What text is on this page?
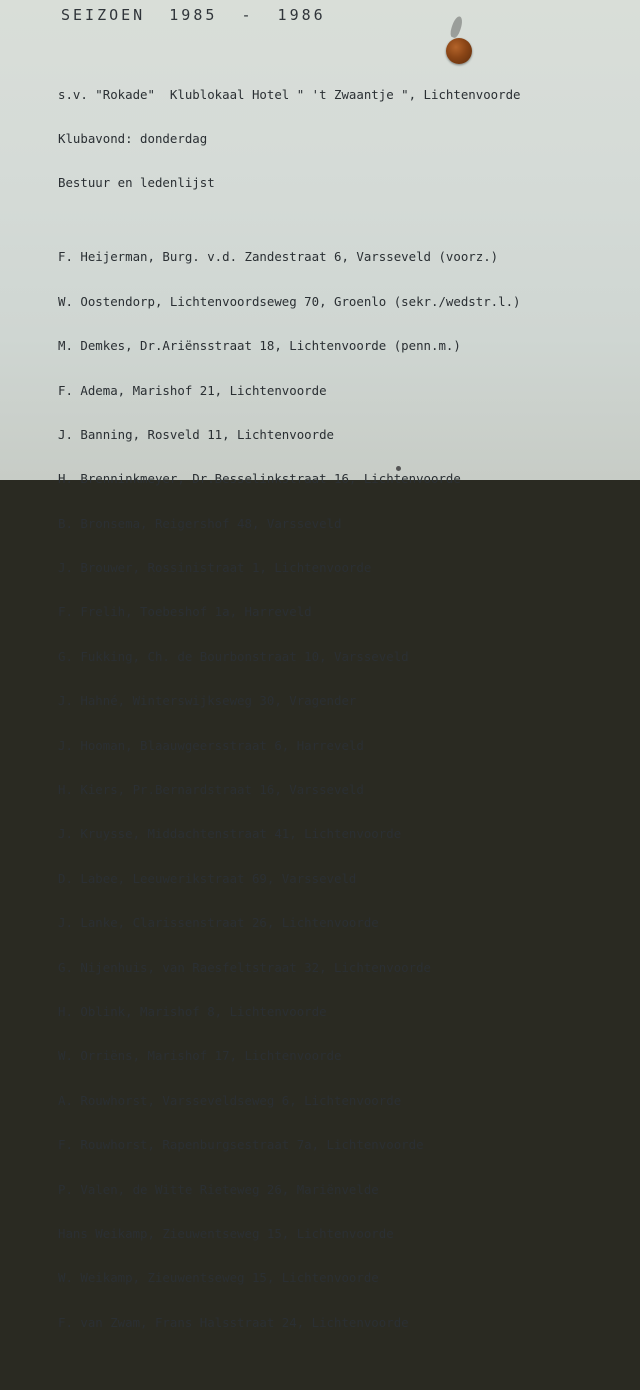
SEIZOEN  1985  -  1986

s.v. "Rokade"  Klublokaal Hotel " 't Zwaantje ", Lichtenvoorde

Klubavond: donderdag

Bestuur en ledenlijst

F. Heijerman, Burg. v.d. Zandestraat 6, Varsseveld (voorz.)

W. Oostendorp, Lichtenvoordseweg 70, Groenlo (sekr./wedstr.l.)

M. Demkes, Dr.Ariënsstraat 18, Lichtenvoorde (penn.m.)

F. Adema, Marishof 21, Lichtenvoorde

J. Banning, Rosveld 11, Lichtenvoorde

H. Brenninkmeyer, Dr.Besselinkstraat 16, Lichtenvoorde

B. Bronsema, Reigershof 48, Varsseveld

J. Brouwer, Rossinistraat 1, Lichtenvoorde

F. Frelih, Toebeshof 1a, Harreveld

G. Fukking, Ch. de Bourbonstraat 10, Varsseveld

J. Hahné, Winterswijkseweg 30, Vragender

J. Hooman, Blaauwgeersstraat 6, Harreveld

H. Kiers, Pr.Bernardstraat 16, Varsseveld

J. Kruysse, Middachtenstraat 41, Lichtenvoorde

D. Labee, Leeuwerikstraat 69, Varsseveld

J. Lanke, Clarissenstraat 26, Lichtenvoorde

G. Nijenhuis, van Raesfeltstraat 32, Lichtenvoorde

H. Oblink, Marishof 8, Lichtenvoorde

W. Orriëns, Marishof 17, Lichtenvoorde

A. Rouwhorst, Varsseveldseweg 6, Lichtenvoorde

F. Rouwhorst, Rapenburgsestraat 7a, Lichtenvoorde

P. Valen, de Witte Rieteweg 26, Mariënvelde

Hans Weikamp, Zieuwentseweg 15, Lichtenvoorde

W. Weikamp, Zieuwentseweg 15, Lichtenvoorde

F. van Zwam, Frans Halsstraat 24, Lichtenvoorde
